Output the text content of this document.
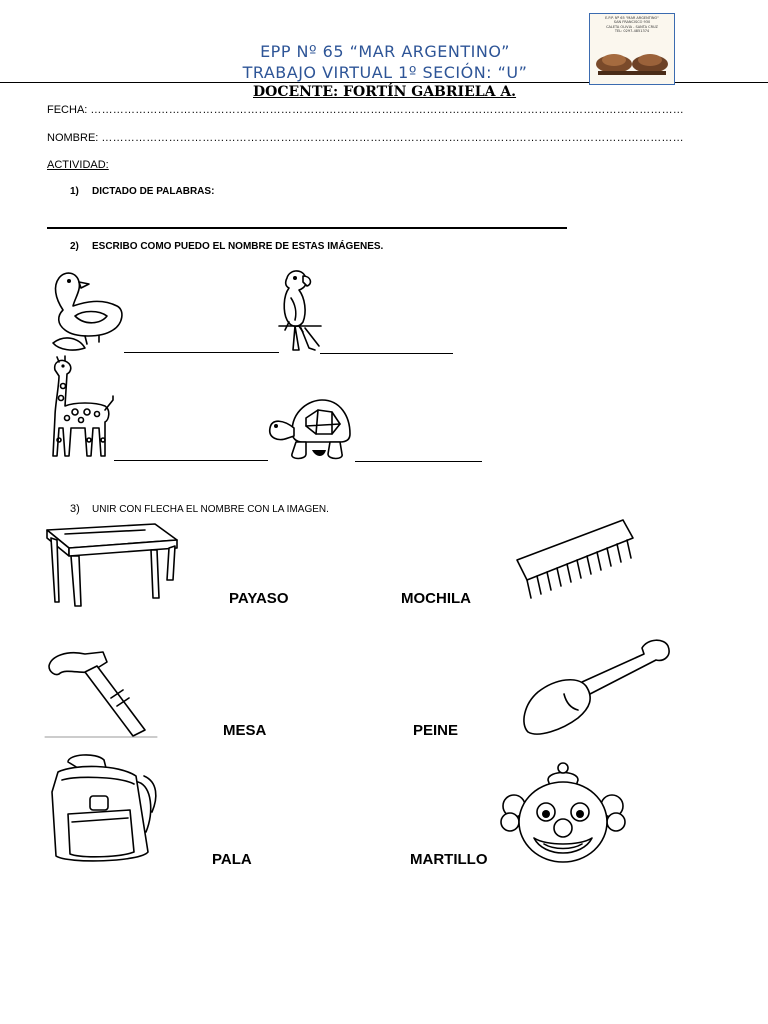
EPP Nº 65 “MAR ARGENTINO”
TRABAJO VIRTUAL 1º SECIÓN: “U”
DOCENTE: FORTÍN GABRIELA A.
E.P.P. Nº 65 "MAR ARGENTINO"
SAN FRANCISCO 930
CALETA OLIVIA - SANTA CRUZ
TEL: 0297-4851374
FECHA: ……………………………………………………………………………………………………………………………………………
NOMBRE: …………………………………………………………………………………………………………………………………………
ACTIVIDAD:
1) DICTADO DE PALABRAS:
2) ESCRIBO COMO PUEDO EL NOMBRE DE ESTAS IMÁGENES.
3) UNIR CON FLECHA EL NOMBRE CON LA IMAGEN.
PAYASO	MOCHILA
MESA	PEINE
PALA	MARTILLO
